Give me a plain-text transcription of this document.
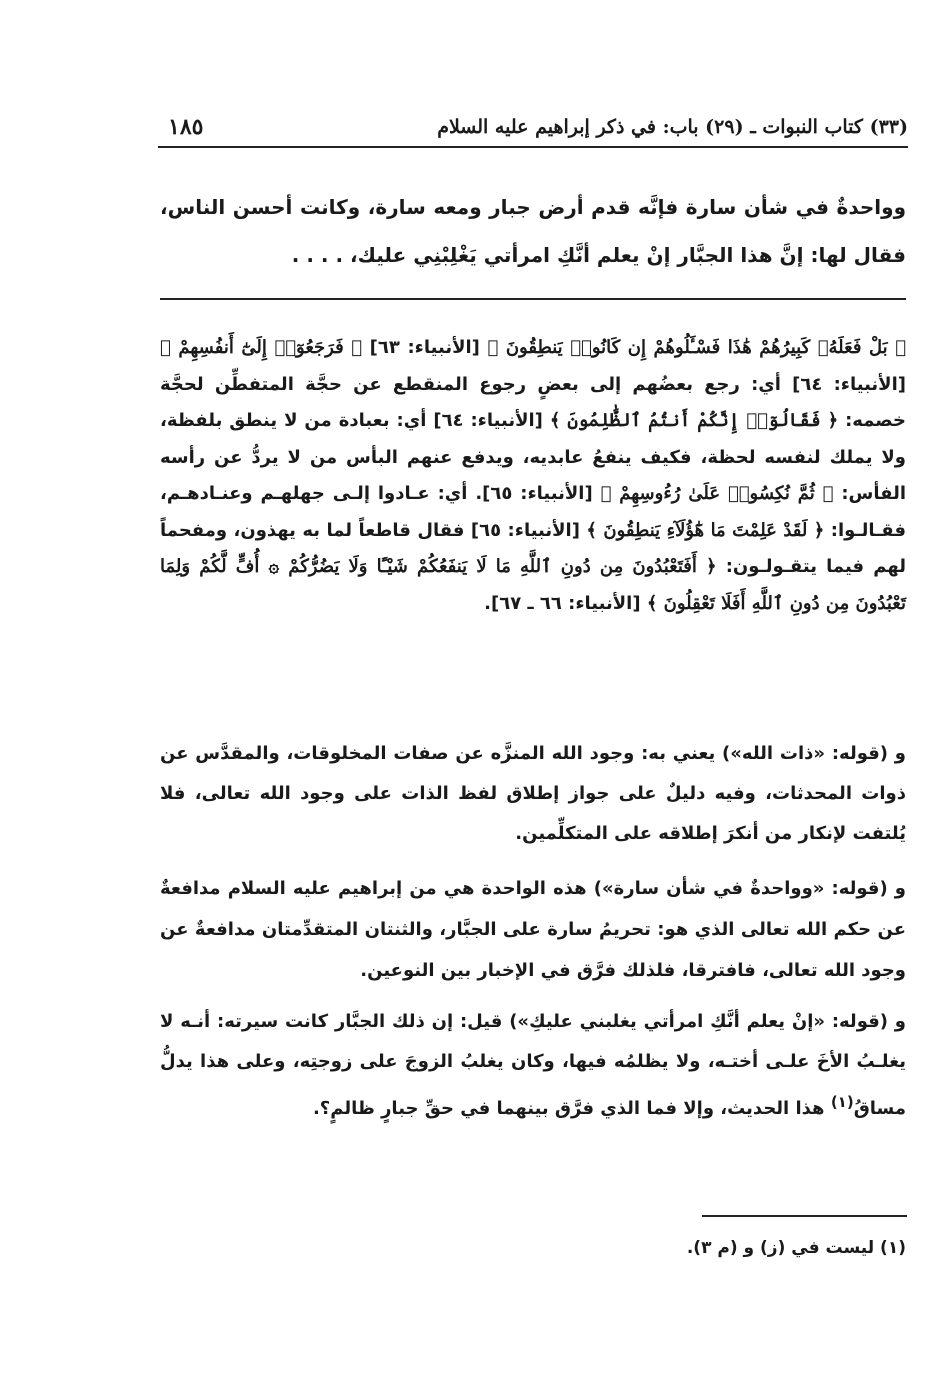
(٣٣) كتاب النبوات ـ (٢٩) باب: في ذكر إبراهيم عليه السلام
١٨٥
وواحدةٌ في شأن سارة فإنَّه قدم أرض جبار ومعه سارة، وكانت أحسن الناس، فقال لها: إنَّ هذا الجبَّار إنْ يعلم أنَّكِ امرأتي يَغْلِبْنِي عليك، . . . .
﴿ بَلْ فَعَلَهُۥ كَبِيرُهُمْ هَٰذَا فَسْـَٔلُوهُمْ إِن كَانُوا۟ يَنطِقُونَ ﴾ [الأنبياء: ٦٣] ﴿ فَرَجَعُوٓا۟ إِلَىٰٓ أَنفُسِهِمْ ﴾ [الأنبياء: ٦٤] أي: رجع بعضُهم إلى بعضٍ رجوع المنقطع عن حجَّة المتفطِّن لحجَّة خصمه: ﴿ فَقَالُوٓا۟ إِنَّكُمْ أَنتُمُ ٱلظَّٰلِمُونَ ﴾ [الأنبياء: ٦٤] أي: بعبادة من لا ينطق بلفظة، ولا يملك لنفسه لحظة، فكيف ينفعُ عابديه، ويدفع عنهم البأس من لا يردُّ عن رأسه الفأس: ﴿ ثُمَّ نُكِسُوا۟ عَلَىٰ رُءُوسِهِمْ ﴾ [الأنبياء: ٦٥]. أي: عـادوا إلـى جهلهـم وعنـادهـم، فقـالـوا: ﴿ لَقَدْ عَلِمْتَ مَا هَٰٓؤُلَآءِ يَنطِقُونَ ﴾ [الأنبياء: ٦٥] فقال قاطعاً لما به يهذون، ومفحماً لهم فيما يتقـولـون: ﴿ أَفَتَعْبُدُونَ مِن دُونِ ٱللَّهِ مَا لَا يَنفَعُكُمْ شَيْـًٔا وَلَا يَضُرُّكُمْ ۞ أُفٍّ لَّكُمْ وَلِمَا تَعْبُدُونَ مِن دُونِ ٱللَّهِ أَفَلَا تَعْقِلُونَ ﴾ [الأنبياء: ٦٦ ـ ٦٧].
و (قوله: «ذات الله») يعني به: وجود الله المنزَّه عن صفات المخلوقات، والمقدَّس عن ذوات المحدثات، وفيه دليلٌ على جواز إطلاق لفظ الذات على وجود الله تعالى، فلا يُلتفت لإنكار من أنكرَ إطلاقه على المتكلِّمين.
و (قوله: «وواحدةٌ في شأن سارة») هذه الواحدة هي من إبراهيم عليه السلام مدافعةٌ عن حكم الله تعالى الذي هو: تحريمُ سارة على الجبَّار، والثنتان المتقدِّمتان مدافعةٌ عن وجود الله تعالى، فافترقا، فلذلك فرَّق في الإخبار بين النوعين.
و (قوله: «إنْ يعلم أنَّكِ امرأتي يغلبني عليكِ») قيل: إن ذلك الجبَّار كانت سيرته: أنـه لا يغلـبُ الأخَ علـى أختـه، ولا يظلمُه فيها، وكان يغلبُ الزوجَ على زوجتِه، وعلى هذا يدلُّ مساقُ$^{(١)}$ هذا الحديث، وإلا فما الذي فرَّق بينهما في حقِّ جبارٍ ظالمٍ؟.
(١) ليست في (ز) و (م ٣).
